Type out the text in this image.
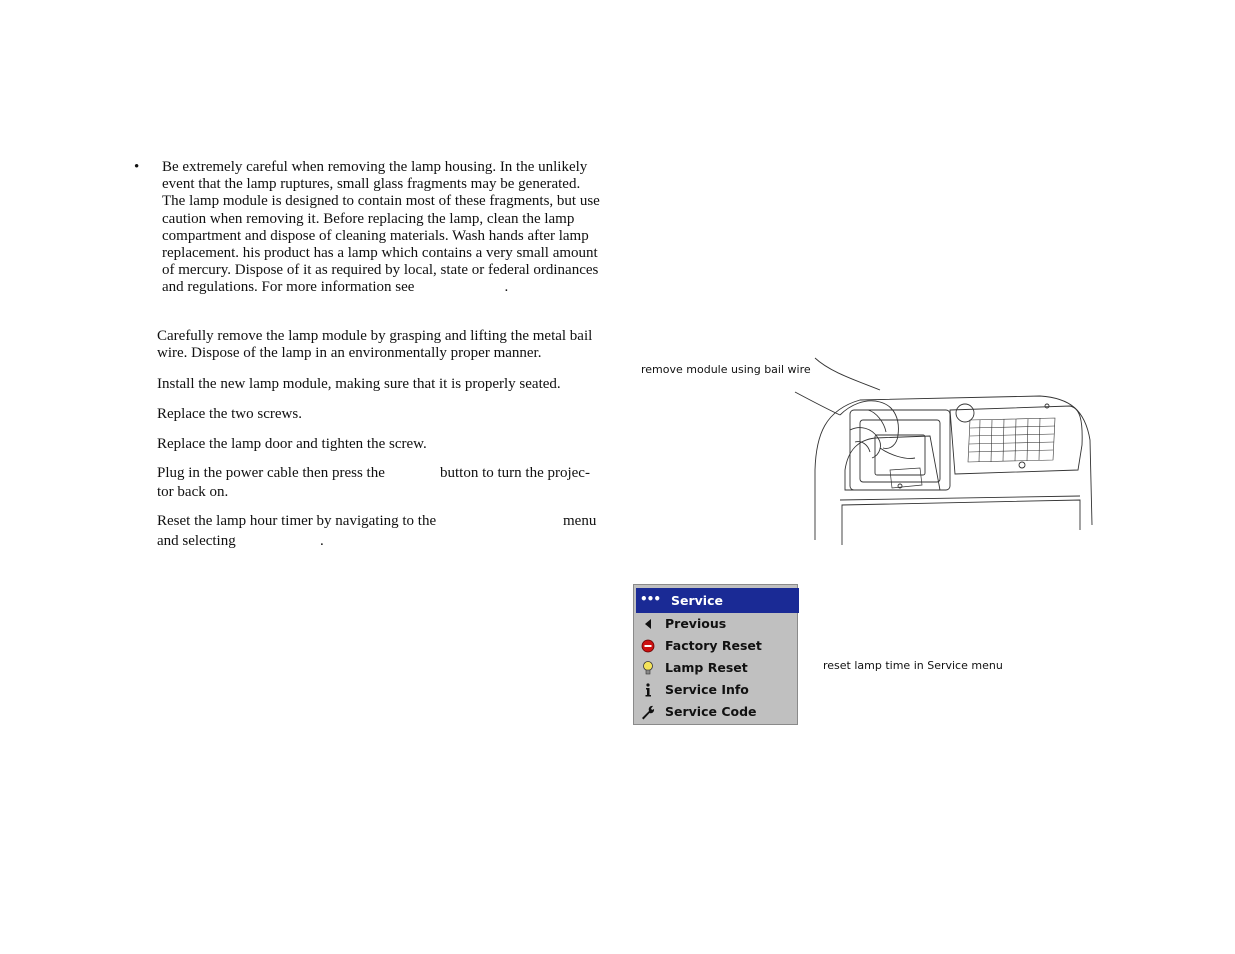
• Be extremely careful when removing the lamp housing. In the unlikely event that the lamp ruptures, small glass fragments may be generated. The lamp module is designed to contain most of these fragments, but use caution when removing it. Before replacing the lamp, clean the lamp compartment and dispose of cleaning materials. Wash hands after lamp replacement. his product has a lamp which contains a very small amount of mercury. Dispose of it as required by local, state or federal ordinances and regulations. For more information see	.
Carefully remove the lamp module by grasping and lifting the metal bail wire. Dispose of the lamp in an environmentally proper manner.
Install the new lamp module, making sure that it is properly seated.
Replace the two screws.
Replace the lamp door and tighten the screw.
Plug in the power cable then press the	button to turn the projec-
tor back on.
Reset the lamp hour timer by navigating to the	menu
and selecting	.
remove module using bail wire
reset lamp time in Service menu
••• Service
Previous
Factory Reset
Lamp Reset
Service Info
Service Code
